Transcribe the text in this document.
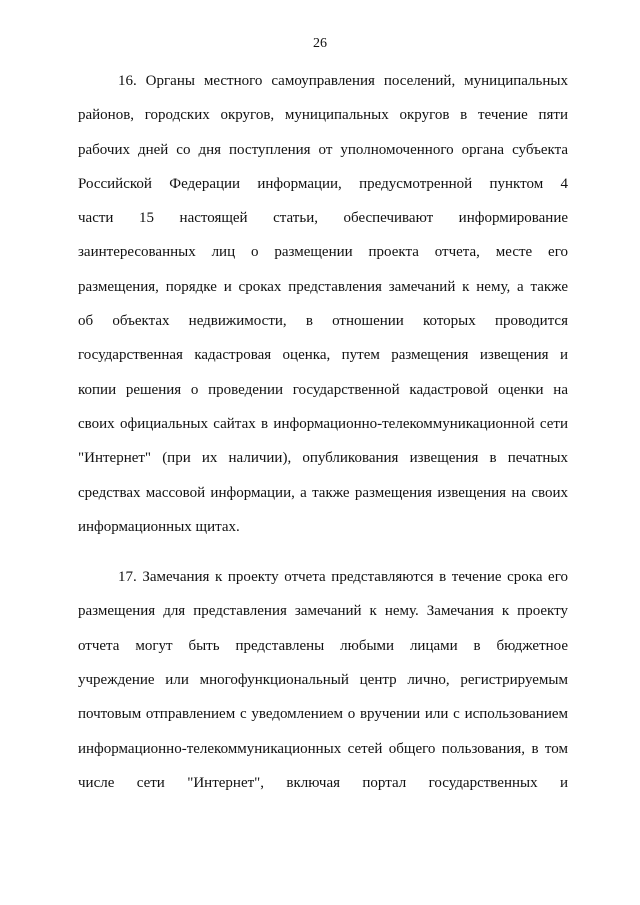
26
16. Органы местного самоуправления поселений, муниципальных
районов, городских округов, муниципальных округов в течение пяти
рабочих дней со дня поступления от уполномоченного органа субъекта
Российской Федерации информации, предусмотренной пунктом 4
части 15 настоящей статьи, обеспечивают информирование
заинтересованных лиц о размещении проекта отчета, месте его
размещения, порядке и сроках представления замечаний к нему, а также
об объектах недвижимости, в отношении которых проводится
государственная кадастровая оценка, путем размещения извещения и
копии решения о проведении государственной кадастровой оценки на
своих официальных сайтах в информационно-телекоммуникационной сети
"Интернет" (при их наличии), опубликования извещения в печатных
средствах массовой информации, а также размещения извещения на своих
информационных щитах.
17. Замечания к проекту отчета представляются в течение срока его
размещения для представления замечаний к нему. Замечания к проекту
отчета могут быть представлены любыми лицами в бюджетное
учреждение или многофункциональный центр лично, регистрируемым
почтовым отправлением с уведомлением о вручении или с использованием
информационно-телекоммуникационных сетей общего пользования, в том
числе сети "Интернет", включая портал государственных и
